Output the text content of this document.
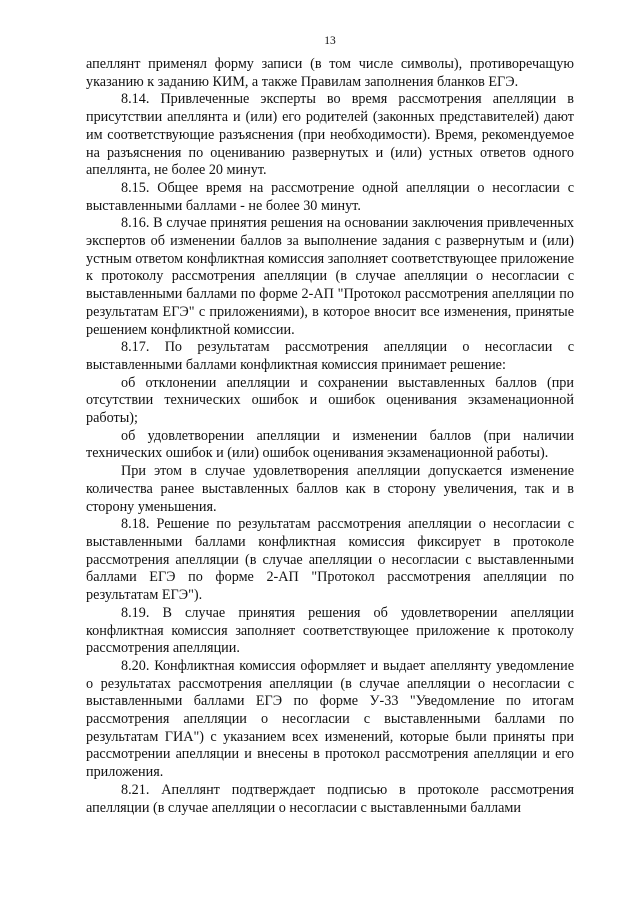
13

апеллянт применял форму записи (в том числе символы), противоречащую указанию к заданию КИМ, а также Правилам заполнения бланков ЕГЭ.

8.14. Привлеченные эксперты во время рассмотрения апелляции в присутствии апеллянта и (или) его родителей (законных представителей) дают им соответствующие разъяснения (при необходимости). Время, рекомендуемое на разъяснения по оцениванию развернутых и (или) устных ответов одного апеллянта, не более 20 минут.

8.15. Общее время на рассмотрение одной апелляции о несогласии с выставленными баллами - не более 30 минут.

8.16. В случае принятия решения на основании заключения привлеченных экспертов об изменении баллов за выполнение задания с развернутым и (или) устным ответом конфликтная комиссия заполняет соответствующее приложение к протоколу рассмотрения апелляции (в случае апелляции о несогласии с выставленными баллами по форме 2-АП "Протокол рассмотрения апелляции по результатам ЕГЭ" с приложениями), в которое вносит все изменения, принятые решением конфликтной комиссии.

8.17. По результатам рассмотрения апелляции о несогласии с выставленными баллами конфликтная комиссия принимает решение:

об отклонении апелляции и сохранении выставленных баллов (при отсутствии технических ошибок и ошибок оценивания экзаменационной работы);

об удовлетворении апелляции и изменении баллов (при наличии технических ошибок и (или) ошибок оценивания экзаменационной работы).

При этом в случае удовлетворения апелляции допускается изменение количества ранее выставленных баллов как в сторону увеличения, так и в сторону уменьшения.

8.18. Решение по результатам рассмотрения апелляции о несогласии с выставленными баллами конфликтная комиссия фиксирует в протоколе рассмотрения апелляции (в случае апелляции о несогласии с выставленными баллами ЕГЭ по форме 2-АП "Протокол рассмотрения апелляции по результатам ЕГЭ").

8.19. В случае принятия решения об удовлетворении апелляции конфликтная комиссия заполняет соответствующее приложение к протоколу рассмотрения апелляции.

8.20. Конфликтная комиссия оформляет и выдает апеллянту уведомление о результатах рассмотрения апелляции (в случае апелляции о несогласии с выставленными баллами ЕГЭ по форме У-33 "Уведомление по итогам рассмотрения апелляции о несогласии с выставленными баллами по результатам ГИА") с указанием всех изменений, которые были приняты при рассмотрении апелляции и внесены в протокол рассмотрения апелляции и его приложения.

8.21. Апеллянт подтверждает подписью в протоколе рассмотрения апелляции (в случае апелляции о несогласии с выставленными баллами
